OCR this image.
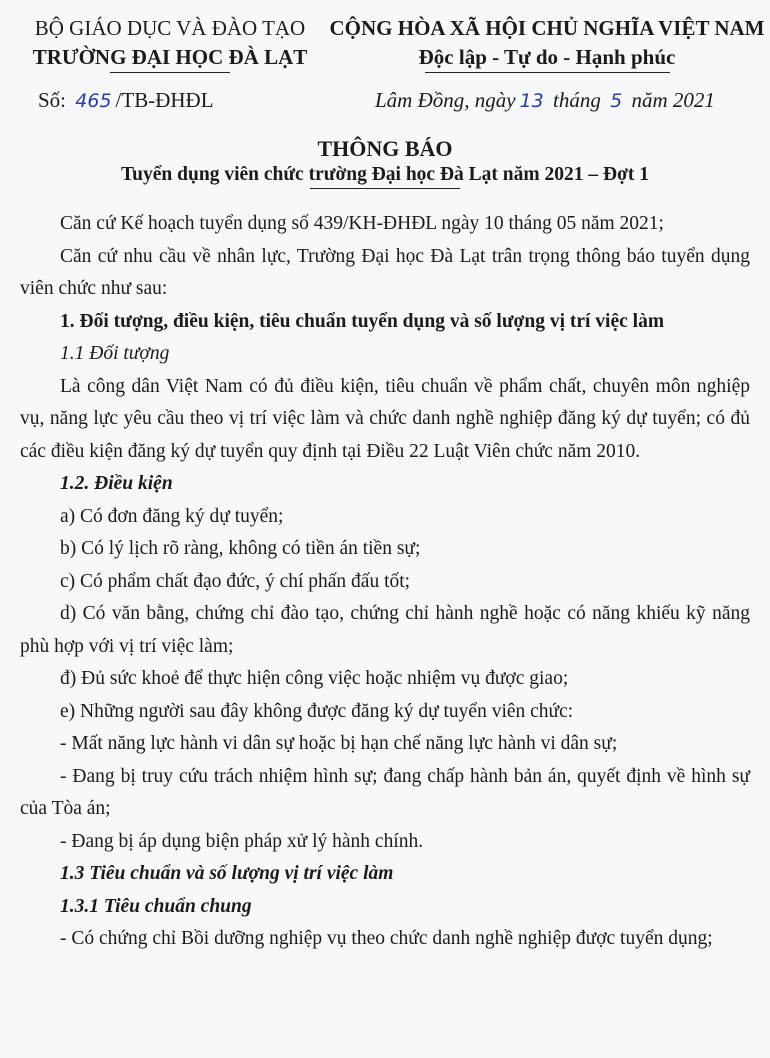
BỘ GIÁO DỤC VÀ ĐÀO TẠO
TRƯỜNG ĐẠI HỌC ĐÀ LẠT
CỘNG HÒA XÃ HỘI CHỦ NGHĨA VIỆT NAM
Độc lập - Tự do - Hạnh phúc
Số: 465 /TB-ĐHĐL	Lâm Đồng, ngày 13 tháng 5 năm 2021
THÔNG BÁO
Tuyển dụng viên chức trường Đại học Đà Lạt năm 2021 – Đợt 1

Căn cứ Kế hoạch tuyển dụng số 439/KH-ĐHĐL ngày 10 tháng 05 năm 2021;

Căn cứ nhu cầu về nhân lực, Trường Đại học Đà Lạt trân trọng thông báo tuyển dụng viên chức như sau:

1. Đối tượng, điều kiện, tiêu chuẩn tuyển dụng và số lượng vị trí việc làm

1.1 Đối tượng

Là công dân Việt Nam có đủ điều kiện, tiêu chuẩn về phẩm chất, chuyên môn nghiệp vụ, năng lực yêu cầu theo vị trí việc làm và chức danh nghề nghiệp đăng ký dự tuyển; có đủ các điều kiện đăng ký dự tuyển quy định tại Điều 22 Luật Viên chức năm 2010.

1.2. Điều kiện

a) Có đơn đăng ký dự tuyển;

b) Có lý lịch rõ ràng, không có tiền án tiền sự;

c) Có phẩm chất đạo đức, ý chí phấn đấu tốt;

d) Có văn bằng, chứng chỉ đào tạo, chứng chỉ hành nghề hoặc có năng khiếu kỹ năng phù hợp với vị trí việc làm;

đ) Đủ sức khoẻ để thực hiện công việc hoặc nhiệm vụ được giao;

e) Những người sau đây không được đăng ký dự tuyển viên chức:

- Mất năng lực hành vi dân sự hoặc bị hạn chế năng lực hành vi dân sự;

- Đang bị truy cứu trách nhiệm hình sự; đang chấp hành bản án, quyết định về hình sự của Tòa án;

- Đang bị áp dụng biện pháp xử lý hành chính.

1.3 Tiêu chuẩn và số lượng vị trí việc làm

1.3.1 Tiêu chuẩn chung

- Có chứng chỉ Bồi dưỡng nghiệp vụ theo chức danh nghề nghiệp được tuyển dụng;
